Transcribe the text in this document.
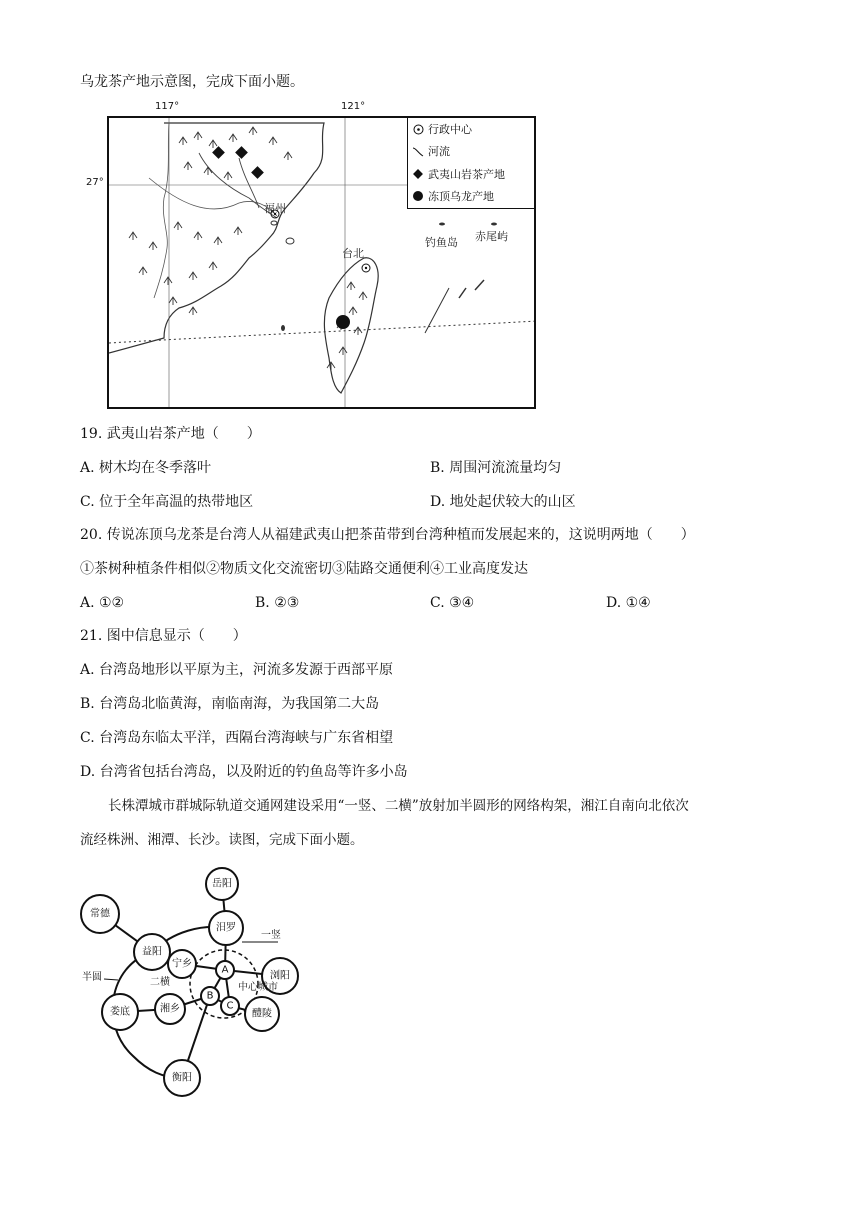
乌龙茶产地示意图，完成下面小题。
117°	121°
27°
福州
台北
钓鱼岛 赤尾屿
行政中心
河流
武夷山岩茶产地
冻顶乌龙产地
19. 武夷山岩茶产地（　　）
A. 树木均在冬季落叶	B. 周围河流流量均匀
C. 位于全年高温的热带地区	D. 地处起伏较大的山区
20. 传说冻顶乌龙茶是台湾人从福建武夷山把茶苗带到台湾种植而发展起来的，这说明两地（　　）
①茶树种植条件相似②物质文化交流密切③陆路交通便利④工业高度发达
A. ①②	B. ②③	C. ③④	D. ①④
21. 图中信息显示（　　）
A. 台湾岛地形以平原为主，河流多发源于西部平原
B. 台湾岛北临黄海，南临南海，为我国第二大岛
C. 台湾岛东临太平洋，西隔台湾海峡与广东省相望
D. 台湾省包括台湾岛，以及附近的钓鱼岛等许多小岛
长株潭城市群城际轨道交通网建设采用“一竖、二横”放射加半圆形的网络构架，湘江自南向北依次
流经株洲、湘潭、长沙。读图，完成下面小题。
岳阳
常德
汨罗
益阳
宁乡
A
浏阳
娄底	湘乡
B
C
醴陵
衡阳
一竖
二横
半圆
中心城市
